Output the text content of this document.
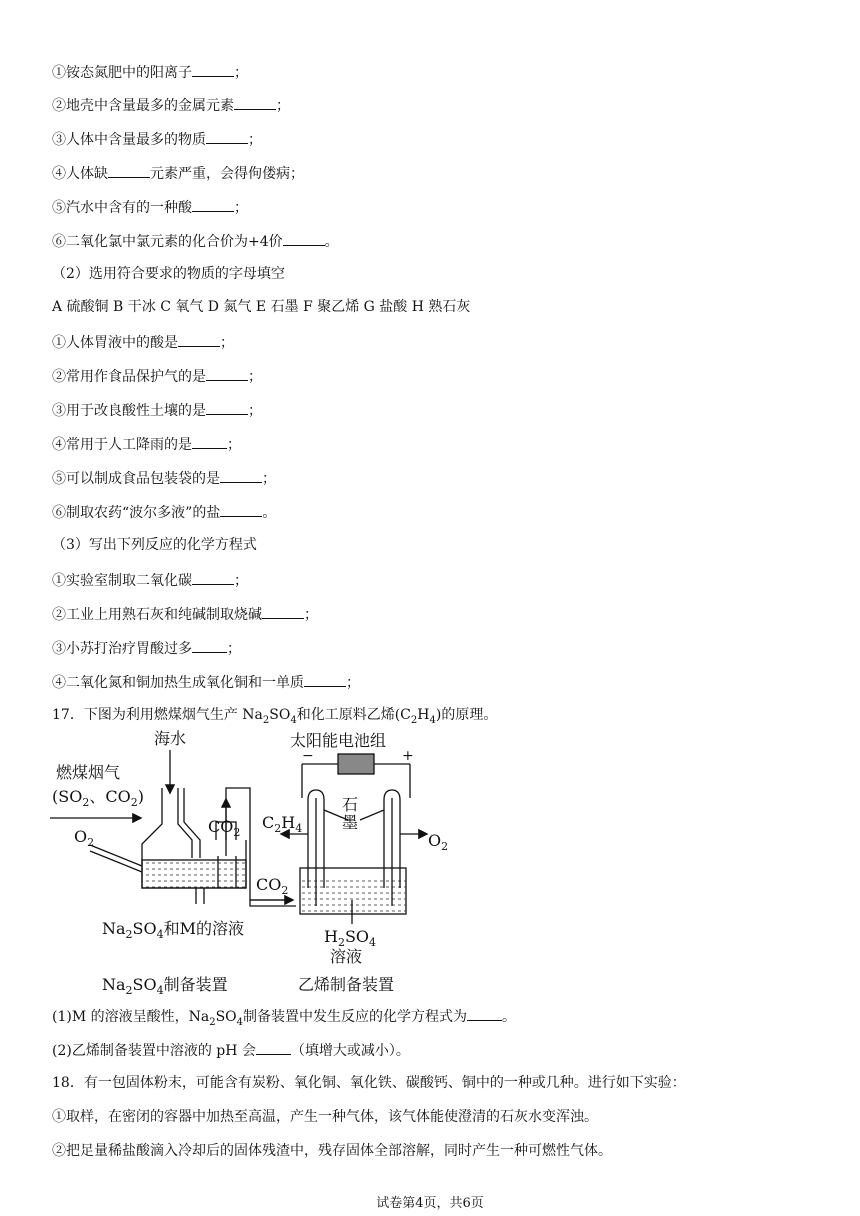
①铵态氮肥中的阳离子	；
②地壳中含量最多的金属元素	；
③人体中含量最多的物质	；
④人体缺	元素严重，会得佝偻病；
⑤汽水中含有的一种酸	；
⑥二氧化氯中氯元素的化合价为+4价	。
（2）选用符合要求的物质的字母填空
A 硫酸铜 B 干冰 C 氧气 D 氮气 E 石墨 F 聚乙烯 G 盐酸 H 熟石灰
①人体胃液中的酸是	；
②常用作食品保护气的是	；
③用于改良酸性土壤的是	；
④常用于人工降雨的是	；
⑤可以制成食品包装袋的是	；
⑥制取农药“波尔多液”的盐	。
（3）写出下列反应的化学方程式
①实验室制取二氧化碳	；
②工业上用熟石灰和纯碱制取烧碱	；
③小苏打治疗胃酸过多	；
④二氧化氮和铜加热生成氧化铜和一单质	；
17．下图为利用燃煤烟气生产 $Na_2SO_4$和化工原料乙烯$(C_2H_4)$的原理。
海水
燃煤烟气
($SO_2$、$CO_2$)
$O_2$
$CO_2$
$CO_2$
$Na_2SO_4$和M的溶液
太阳能电池组
−	+
石
墨
$C_2H_4$
$O_2$
$H_2SO_4$
溶液
$Na_2SO_4$制备装置	乙烯制备装置
(1)M 的溶液呈酸性，$Na_2SO_4$制备装置中发生反应的化学方程式为	。
(2)乙烯制备装置中溶液的 pH 会	（填增大或减小）。
18．有一包固体粉末，可能含有炭粉、氧化铜、氧化铁、碳酸钙、铜中的一种或几种。进行如下实验：
①取样，在密闭的容器中加热至高温，产生一种气体，该气体能使澄清的石灰水变浑浊。
②把足量稀盐酸滴入冷却后的固体残渣中，残存固体全部溶解，同时产生一种可燃性气体。
试卷第4页，共6页
